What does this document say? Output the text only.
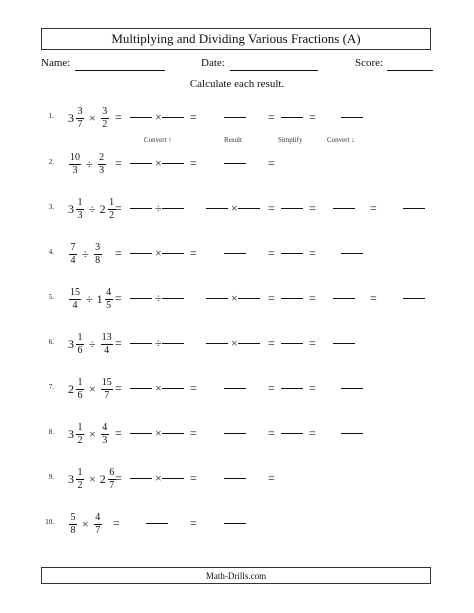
Multiplying and Dividing Various Fractions (A)
Name:	Date:	Score:
Calculate each result.
Convert ↑	Result	Simplify	Convert ↓
1. $3 \frac{3}{7} \times \frac{3}{2}$ =	× =	=	=
2. $\frac{10}{3} \div \frac{2}{3}$ =	× =	=
3. $3 \frac{1}{3} \div 2 \frac{1}{2}$ =	÷	×	=	=	=
4. $\frac{7}{4} \div \frac{3}{8}$ =	× =	=	=
5. $\frac{15}{4} \div 1 \frac{4}{5}$ =	÷	×	=	=	=
6. $3 \frac{1}{6} \div \frac{13}{4}$ =	÷	×	=	=
7. $2 \frac{1}{6} \times \frac{15}{7}$ =	× =	=	=
8. $3 \frac{1}{2} \times \frac{4}{3}$ =	× =	=	=
9. $3 \frac{1}{2} \times 2 \frac{6}{7}$ =	× =	=
10. $\frac{5}{8} \times \frac{4}{7}$ =	=
Math-Drills.com
